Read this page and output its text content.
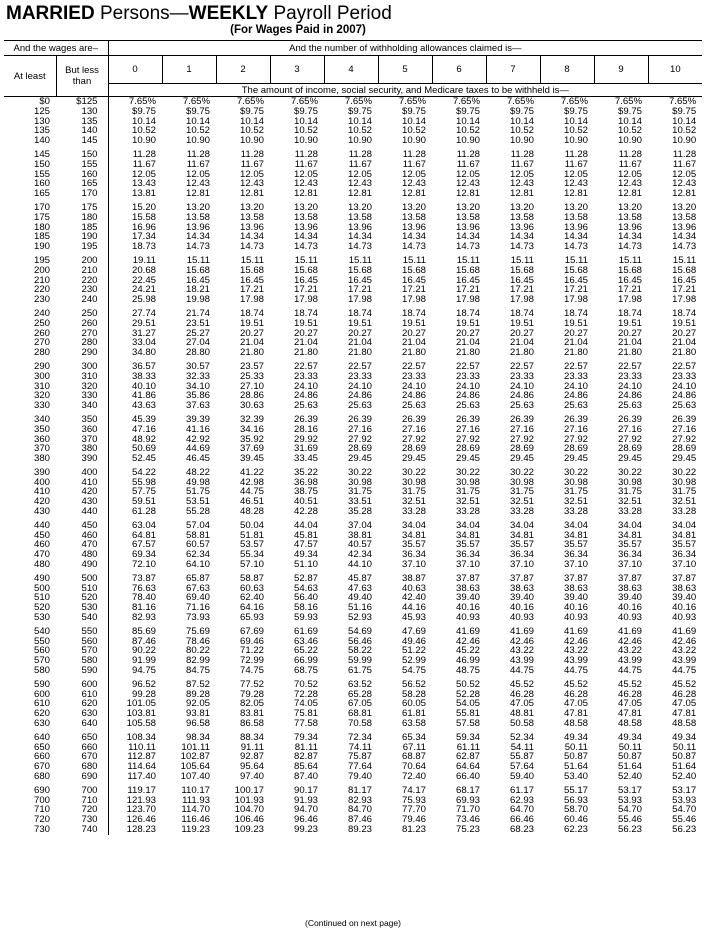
MARRIED Persons—WEEKLY Payroll Period
(For Wages Paid in 2007)
And the wages are–		And the number of withholding allowances claimed is—										
At least	But less than	0	1	2	3	4	5	6	7	8	9	10
		The amount of income, social security, and Medicare taxes to be withheld is—										
$0	$125	7.65%	7.65%	7.65%	7.65%	7.65%	7.65%	7.65%	7.65%	7.65%	7.65%	7.65%
125	130	$9.75	$9.75	$9.75	$9.75	$9.75	$9.75	$9.75	$9.75	$9.75	$9.75	$9.75
130	135	10.14	10.14	10.14	10.14	10.14	10.14	10.14	10.14	10.14	10.14	10.14
135	140	10.52	10.52	10.52	10.52	10.52	10.52	10.52	10.52	10.52	10.52	10.52
140	145	10.90	10.90	10.90	10.90	10.90	10.90	10.90	10.90	10.90	10.90	10.90

145	150	11.28	11.28	11.28	11.28	11.28	11.28	11.28	11.28	11.28	11.28	11.28
150	155	11.67	11.67	11.67	11.67	11.67	11.67	11.67	11.67	11.67	11.67	11.67
155	160	12.05	12.05	12.05	12.05	12.05	12.05	12.05	12.05	12.05	12.05	12.05
160	165	13.43	12.43	12.43	12.43	12.43	12.43	12.43	12.43	12.43	12.43	12.43
165	170	13.81	12.81	12.81	12.81	12.81	12.81	12.81	12.81	12.81	12.81	12.81

170	175	15.20	13.20	13.20	13.20	13.20	13.20	13.20	13.20	13.20	13.20	13.20
175	180	15.58	13.58	13.58	13.58	13.58	13.58	13.58	13.58	13.58	13.58	13.58
180	185	16.96	13.96	13.96	13.96	13.96	13.96	13.96	13.96	13.96	13.96	13.96
185	190	17.34	14.34	14.34	14.34	14.34	14.34	14.34	14.34	14.34	14.34	14.34
190	195	18.73	14.73	14.73	14.73	14.73	14.73	14.73	14.73	14.73	14.73	14.73

195	200	19.11	15.11	15.11	15.11	15.11	15.11	15.11	15.11	15.11	15.11	15.11
200	210	20.68	15.68	15.68	15.68	15.68	15.68	15.68	15.68	15.68	15.68	15.68
210	220	22.45	16.45	16.45	16.45	16.45	16.45	16.45	16.45	16.45	16.45	16.45
220	230	24.21	18.21	17.21	17.21	17.21	17.21	17.21	17.21	17.21	17.21	17.21
230	240	25.98	19.98	17.98	17.98	17.98	17.98	17.98	17.98	17.98	17.98	17.98

240	250	27.74	21.74	18.74	18.74	18.74	18.74	18.74	18.74	18.74	18.74	18.74
250	260	29.51	23.51	19.51	19.51	19.51	19.51	19.51	19.51	19.51	19.51	19.51
260	270	31.27	25.27	20.27	20.27	20.27	20.27	20.27	20.27	20.27	20.27	20.27
270	280	33.04	27.04	21.04	21.04	21.04	21.04	21.04	21.04	21.04	21.04	21.04
280	290	34.80	28.80	21.80	21.80	21.80	21.80	21.80	21.80	21.80	21.80	21.80

290	300	36.57	30.57	23.57	22.57	22.57	22.57	22.57	22.57	22.57	22.57	22.57
300	310	38.33	32.33	25.33	23.33	23.33	23.33	23.33	23.33	23.33	23.33	23.33
310	320	40.10	34.10	27.10	24.10	24.10	24.10	24.10	24.10	24.10	24.10	24.10
320	330	41.86	35.86	28.86	24.86	24.86	24.86	24.86	24.86	24.86	24.86	24.86
330	340	43.63	37.63	30.63	25.63	25.63	25.63	25.63	25.63	25.63	25.63	25.63

340	350	45.39	39.39	32.39	26.39	26.39	26.39	26.39	26.39	26.39	26.39	26.39
350	360	47.16	41.16	34.16	28.16	27.16	27.16	27.16	27.16	27.16	27.16	27.16
360	370	48.92	42.92	35.92	29.92	27.92	27.92	27.92	27.92	27.92	27.92	27.92
370	380	50.69	44.69	37.69	31.69	28.69	28.69	28.69	28.69	28.69	28.69	28.69
380	390	52.45	46.45	39.45	33.45	29.45	29.45	29.45	29.45	29.45	29.45	29.45

390	400	54.22	48.22	41.22	35.22	30.22	30.22	30.22	30.22	30.22	30.22	30.22
400	410	55.98	49.98	42.98	36.98	30.98	30.98	30.98	30.98	30.98	30.98	30.98
410	420	57.75	51.75	44.75	38.75	31.75	31.75	31.75	31.75	31.75	31.75	31.75
420	430	59.51	53.51	46.51	40.51	33.51	32.51	32.51	32.51	32.51	32.51	32.51
430	440	61.28	55.28	48.28	42.28	35.28	33.28	33.28	33.28	33.28	33.28	33.28

440	450	63.04	57.04	50.04	44.04	37.04	34.04	34.04	34.04	34.04	34.04	34.04
450	460	64.81	58.81	51.81	45.81	38.81	34.81	34.81	34.81	34.81	34.81	34.81
460	470	67.57	60.57	53.57	47.57	40.57	35.57	35.57	35.57	35.57	35.57	35.57
470	480	69.34	62.34	55.34	49.34	42.34	36.34	36.34	36.34	36.34	36.34	36.34
480	490	72.10	64.10	57.10	51.10	44.10	37.10	37.10	37.10	37.10	37.10	37.10

490	500	73.87	65.87	58.87	52.87	45.87	38.87	37.87	37.87	37.87	37.87	37.87
500	510	76.63	67.63	60.63	54.63	47.63	40.63	38.63	38.63	38.63	38.63	38.63
510	520	78.40	69.40	62.40	56.40	49.40	42.40	39.40	39.40	39.40	39.40	39.40
520	530	81.16	71.16	64.16	58.16	51.16	44.16	40.16	40.16	40.16	40.16	40.16
530	540	82.93	73.93	65.93	59.93	52.93	45.93	40.93	40.93	40.93	40.93	40.93

540	550	85.69	75.69	67.69	61.69	54.69	47.69	41.69	41.69	41.69	41.69	41.69
550	560	87.46	78.46	69.46	63.46	56.46	49.46	42.46	42.46	42.46	42.46	42.46
560	570	90.22	80.22	71.22	65.22	58.22	51.22	45.22	43.22	43.22	43.22	43.22
570	580	91.99	82.99	72.99	66.99	59.99	52.99	46.99	43.99	43.99	43.99	43.99
580	590	94.75	84.75	74.75	68.75	61.75	54.75	48.75	44.75	44.75	44.75	44.75

590	600	96.52	87.52	77.52	70.52	63.52	56.52	50.52	45.52	45.52	45.52	45.52
600	610	99.28	89.28	79.28	72.28	65.28	58.28	52.28	46.28	46.28	46.28	46.28
610	620	101.05	92.05	82.05	74.05	67.05	60.05	54.05	47.05	47.05	47.05	47.05
620	630	103.81	93.81	83.81	75.81	68.81	61.81	55.81	48.81	47.81	47.81	47.81
630	640	105.58	96.58	86.58	77.58	70.58	63.58	57.58	50.58	48.58	48.58	48.58

640	650	108.34	98.34	88.34	79.34	72.34	65.34	59.34	52.34	49.34	49.34	49.34
650	660	110.11	101.11	91.11	81.11	74.11	67.11	61.11	54.11	50.11	50.11	50.11
660	670	112.87	102.87	92.87	82.87	75.87	68.87	62.87	55.87	50.87	50.87	50.87
670	680	114.64	105.64	95.64	85.64	77.64	70.64	64.64	57.64	51.64	51.64	51.64
680	690	117.40	107.40	97.40	87.40	79.40	72.40	66.40	59.40	53.40	52.40	52.40

690	700	119.17	110.17	100.17	90.17	81.17	74.17	68.17	61.17	55.17	53.17	53.17
700	710	121.93	111.93	101.93	91.93	82.93	75.93	69.93	62.93	56.93	53.93	53.93
710	720	123.70	114.70	104.70	94.70	84.70	77.70	71.70	64.70	58.70	54.70	54.70
720	730	126.46	116.46	106.46	96.46	87.46	79.46	73.46	66.46	60.46	55.46	55.46
730	740	128.23	119.23	109.23	99.23	89.23	81.23	75.23	68.23	62.23	56.23	56.23
(Continued on next page)
